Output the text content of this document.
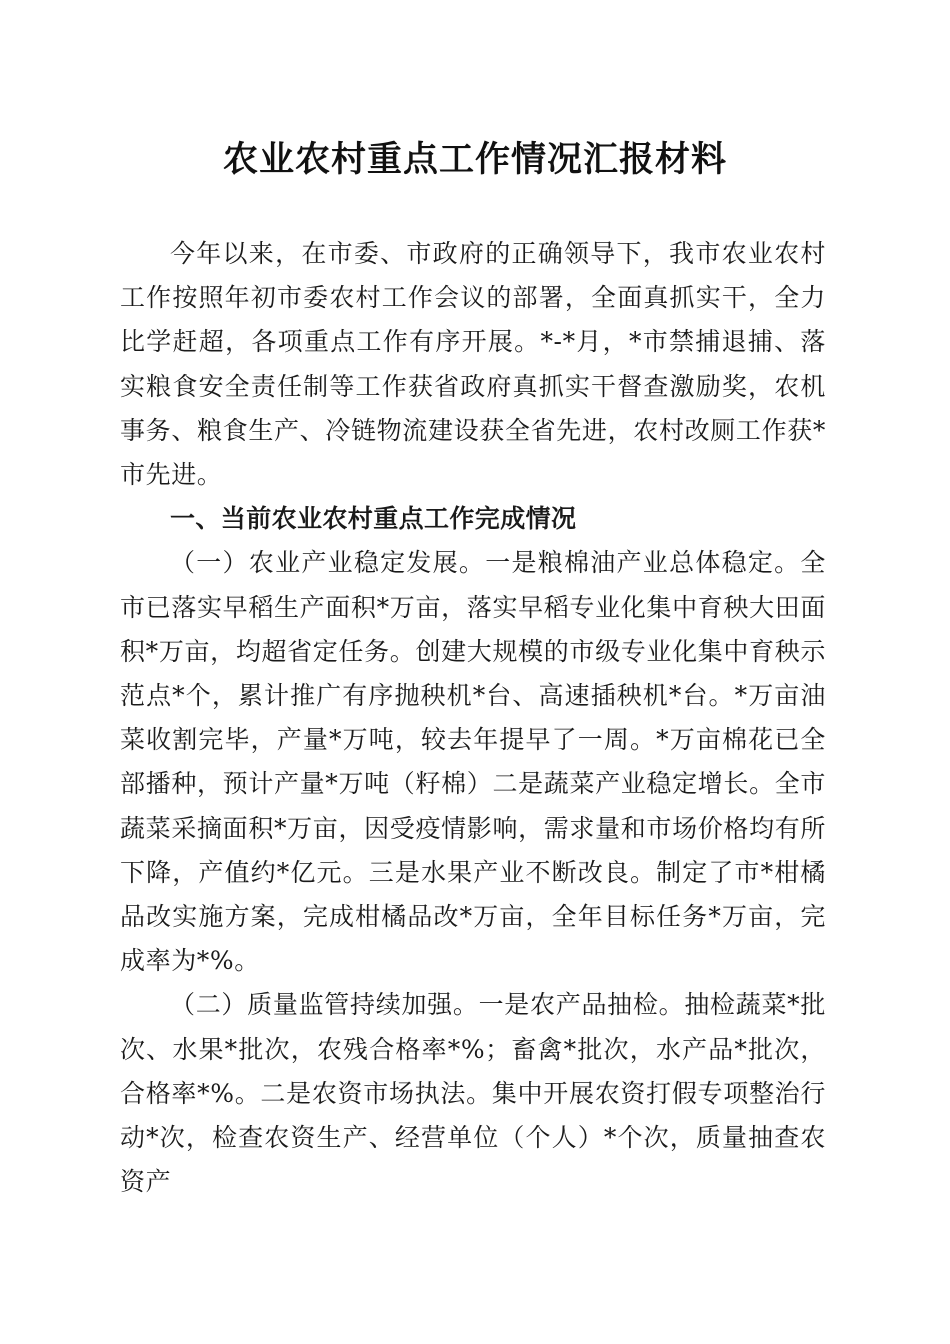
农业农村重点工作情况汇报材料

今年以来，在市委、市政府的正确领导下，我市农业农村工作按照年初市委农村工作会议的部署，全面真抓实干，全力比学赶超，各项重点工作有序开展。*-*月，*市禁捕退捕、落实粮食安全责任制等工作获省政府真抓实干督查激励奖，农机事务、粮食生产、冷链物流建设获全省先进，农村改厕工作获*市先进。

一、当前农业农村重点工作完成情况

（一）农业产业稳定发展。一是粮棉油产业总体稳定。全市已落实早稻生产面积*万亩，落实早稻专业化集中育秧大田面积*万亩，均超省定任务。创建大规模的市级专业化集中育秧示范点*个，累计推广有序抛秧机*台、高速插秧机*台。*万亩油菜收割完毕，产量*万吨，较去年提早了一周。*万亩棉花已全部播种，预计产量*万吨（籽棉）二是蔬菜产业稳定增长。全市蔬菜采摘面积*万亩，因受疫情影响，需求量和市场价格均有所下降，产值约*亿元。三是水果产业不断改良。制定了市*柑橘品改实施方案，完成柑橘品改*万亩，全年目标任务*万亩，完成率为*%。

（二）质量监管持续加强。一是农产品抽检。抽检蔬菜*批次、水果*批次，农残合格率*%；畜禽*批次，水产品*批次，合格率*%。二是农资市场执法。集中开展农资打假专项整治行动*次，检查农资生产、经营单位（个人）*个次，质量抽查农资产
